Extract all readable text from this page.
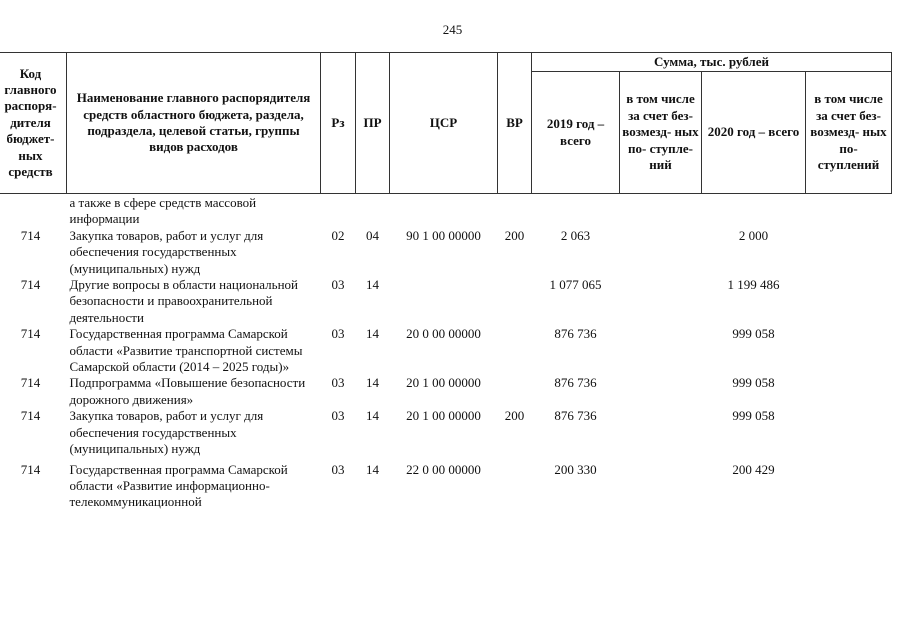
245
Код главного распоря- дителя бюджет- ных средств	Наименование главного распорядителя средств областного бюджета, раздела, подраздела, целевой статьи, группы видов расходов	Рз	ПР	ЦСР	ВР	Сумма, тыс. рублей			
						2019 год – всего	в том числе за счет без- возмезд- ных по- ступле- ний	2020 год – всего	в том числе за счет без- возмезд- ных по- ступлений
	а также в сфере средств массовой информации								
714	Закупка товаров, работ и услуг для обеспечения государственных (муниципальных) нужд	02	04	90 1 00 00000	200	2 063		2 000	
714	Другие вопросы в области национальной безопасности и правоохранительной деятельности	03	14			1 077 065		1 199 486	
714	Государственная программа Самарской области «Развитие транспортной системы Самарской области (2014 – 2025 годы)»	03	14	20 0 00 00000		876 736		999 058	
714	Подпрограмма «Повышение безопасности дорожного движения»	03	14	20 1 00 00000		876 736		999 058	
714	Закупка товаров, работ и услуг для обеспечения государственных (муниципальных) нужд	03	14	20 1 00 00000	200	876 736		999 058	
714	Государственная программа Самарской области «Развитие информационно-телекоммуникационной	03	14	22 0 00 00000		200 330		200 429	
